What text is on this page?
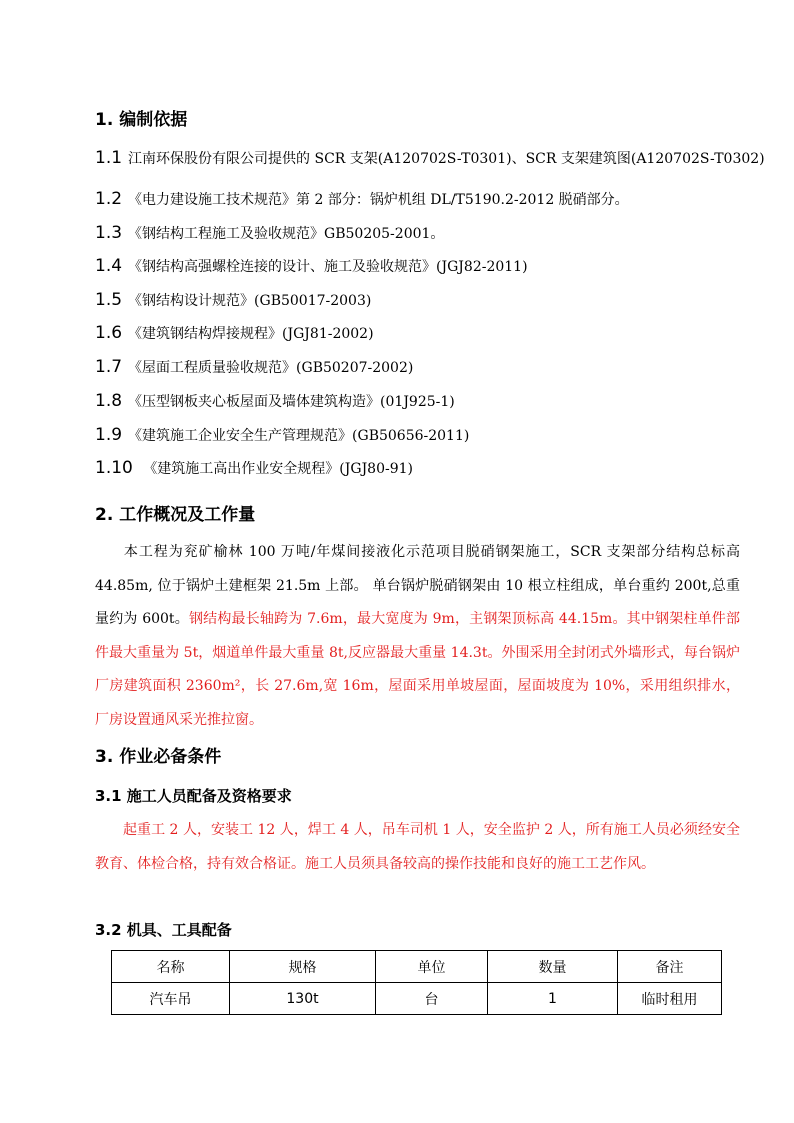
1. 编制依据
1.1 江南环保股份有限公司提供的 SCR 支架(A120702S-T0301)、SCR 支架建筑图(A120702S-T0302)
1.2 《电力建设施工技术规范》第 2 部分：锅炉机组 DL/T5190.2-2012 脱硝部分。
1.3 《钢结构工程施工及验收规范》GB50205-2001。
1.4 《钢结构高强螺栓连接的设计、施工及验收规范》(JGJ82-2011)
1.5 《钢结构设计规范》(GB50017-2003)
1.6 《建筑钢结构焊接规程》(JGJ81-2002)
1.7 《屋面工程质量验收规范》(GB50207-2002)
1.8 《压型钢板夹心板屋面及墙体建筑构造》(01J925-1)
1.9 《建筑施工企业安全生产管理规范》(GB50656-2011)
1.10 《建筑施工高出作业安全规程》(JGJ80-91)
2. 工作概况及工作量
本工程为兖矿榆林 100 万吨/年煤间接液化示范项目脱硝钢架施工，SCR 支架部分结构总标高 44.85m, 位于锅炉土建框架 21.5m 上部。 单台锅炉脱硝钢架由 10 根立柱组成，单台重约 200t,总重量约为 600t。钢结构最长轴跨为 7.6m，最大宽度为 9m，主钢架顶标高 44.15m。其中钢架柱单件部件最大重量为 5t，烟道单件最大重量 8t,反应器最大重量 14.3t。外围采用全封闭式外墙形式，每台锅炉厂房建筑面积 2360m²，长 27.6m,宽 16m，屋面采用单坡屋面，屋面坡度为 10%，采用组织排水，厂房设置通风采光推拉窗。
3. 作业必备条件
3.1 施工人员配备及资格要求
起重工 2 人，安装工 12 人，焊工 4 人，吊车司机 1 人，安全监护 2 人，所有施工人员必须经安全教育、体检合格，持有效合格证。施工人员须具备较高的操作技能和良好的施工工艺作风。
3.2 机具、工具配备
名称	规格	单位	数量	备注
汽车吊	130t	台	1	临时租用
